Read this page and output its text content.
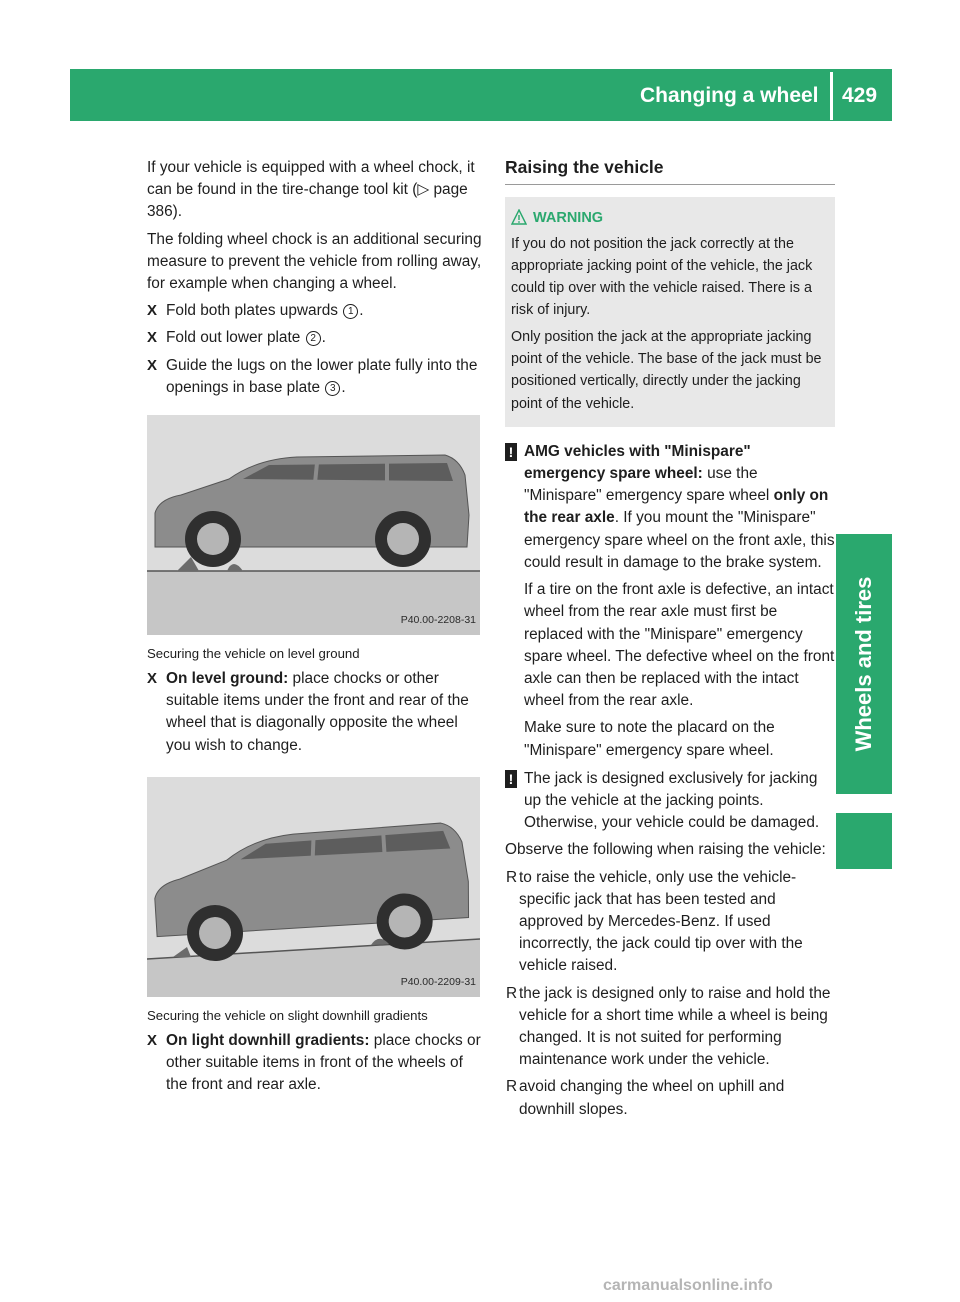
Changing a wheel 429
Wheels and tires

If your vehicle is equipped with a wheel chock, it can be found in the tire-change tool kit (▷ page 386).

The folding wheel chock is an additional securing measure to prevent the vehicle from rolling away, for example when changing a wheel.

X Fold both plates upwards 1 .
X Fold out lower plate 2 .
X Guide the lugs on the lower plate fully into the openings in base plate 3 .
P40.00-2208-31

Securing the vehicle on level ground

X On level ground: place chocks or other suitable items under the front and rear of the wheel that is diagonally opposite the wheel you wish to change.
P40.00-2209-31

Securing the vehicle on slight downhill gradients

X On light downhill gradients: place chocks or other suitable items in front of the wheels of the front and rear axle.
Raising the vehicle
WARNING

If you do not position the jack correctly at the appropriate jacking point of the vehicle, the jack could tip over with the vehicle raised. There is a risk of injury.

Only position the jack at the appropriate jacking point of the vehicle. The base of the jack must be positioned vertically, directly under the jacking point of the vehicle.

! AMG vehicles with "Minispare" emergency spare wheel: use the "Minispare" emergency spare wheel only on the rear axle. If you mount the "Minispare" emergency spare wheel on the front axle, this could result in damage to the brake system.

If a tire on the front axle is defective, an intact wheel from the rear axle must first be replaced with the "Minispare" emergency spare wheel. The defective wheel on the front axle can then be replaced with the intact wheel from the rear axle.

Make sure to note the placard on the "Minispare" emergency spare wheel.

! The jack is designed exclusively for jacking up the vehicle at the jacking points. Otherwise, your vehicle could be damaged.

Observe the following when raising the vehicle:

R to raise the vehicle, only use the vehicle-specific jack that has been tested and approved by Mercedes-Benz. If used incorrectly, the jack could tip over with the vehicle raised.
R the jack is designed only to raise and hold the vehicle for a short time while a wheel is being changed. It is not suited for performing maintenance work under the vehicle.
R avoid changing the wheel on uphill and downhill slopes.
carmanualsonline.info
